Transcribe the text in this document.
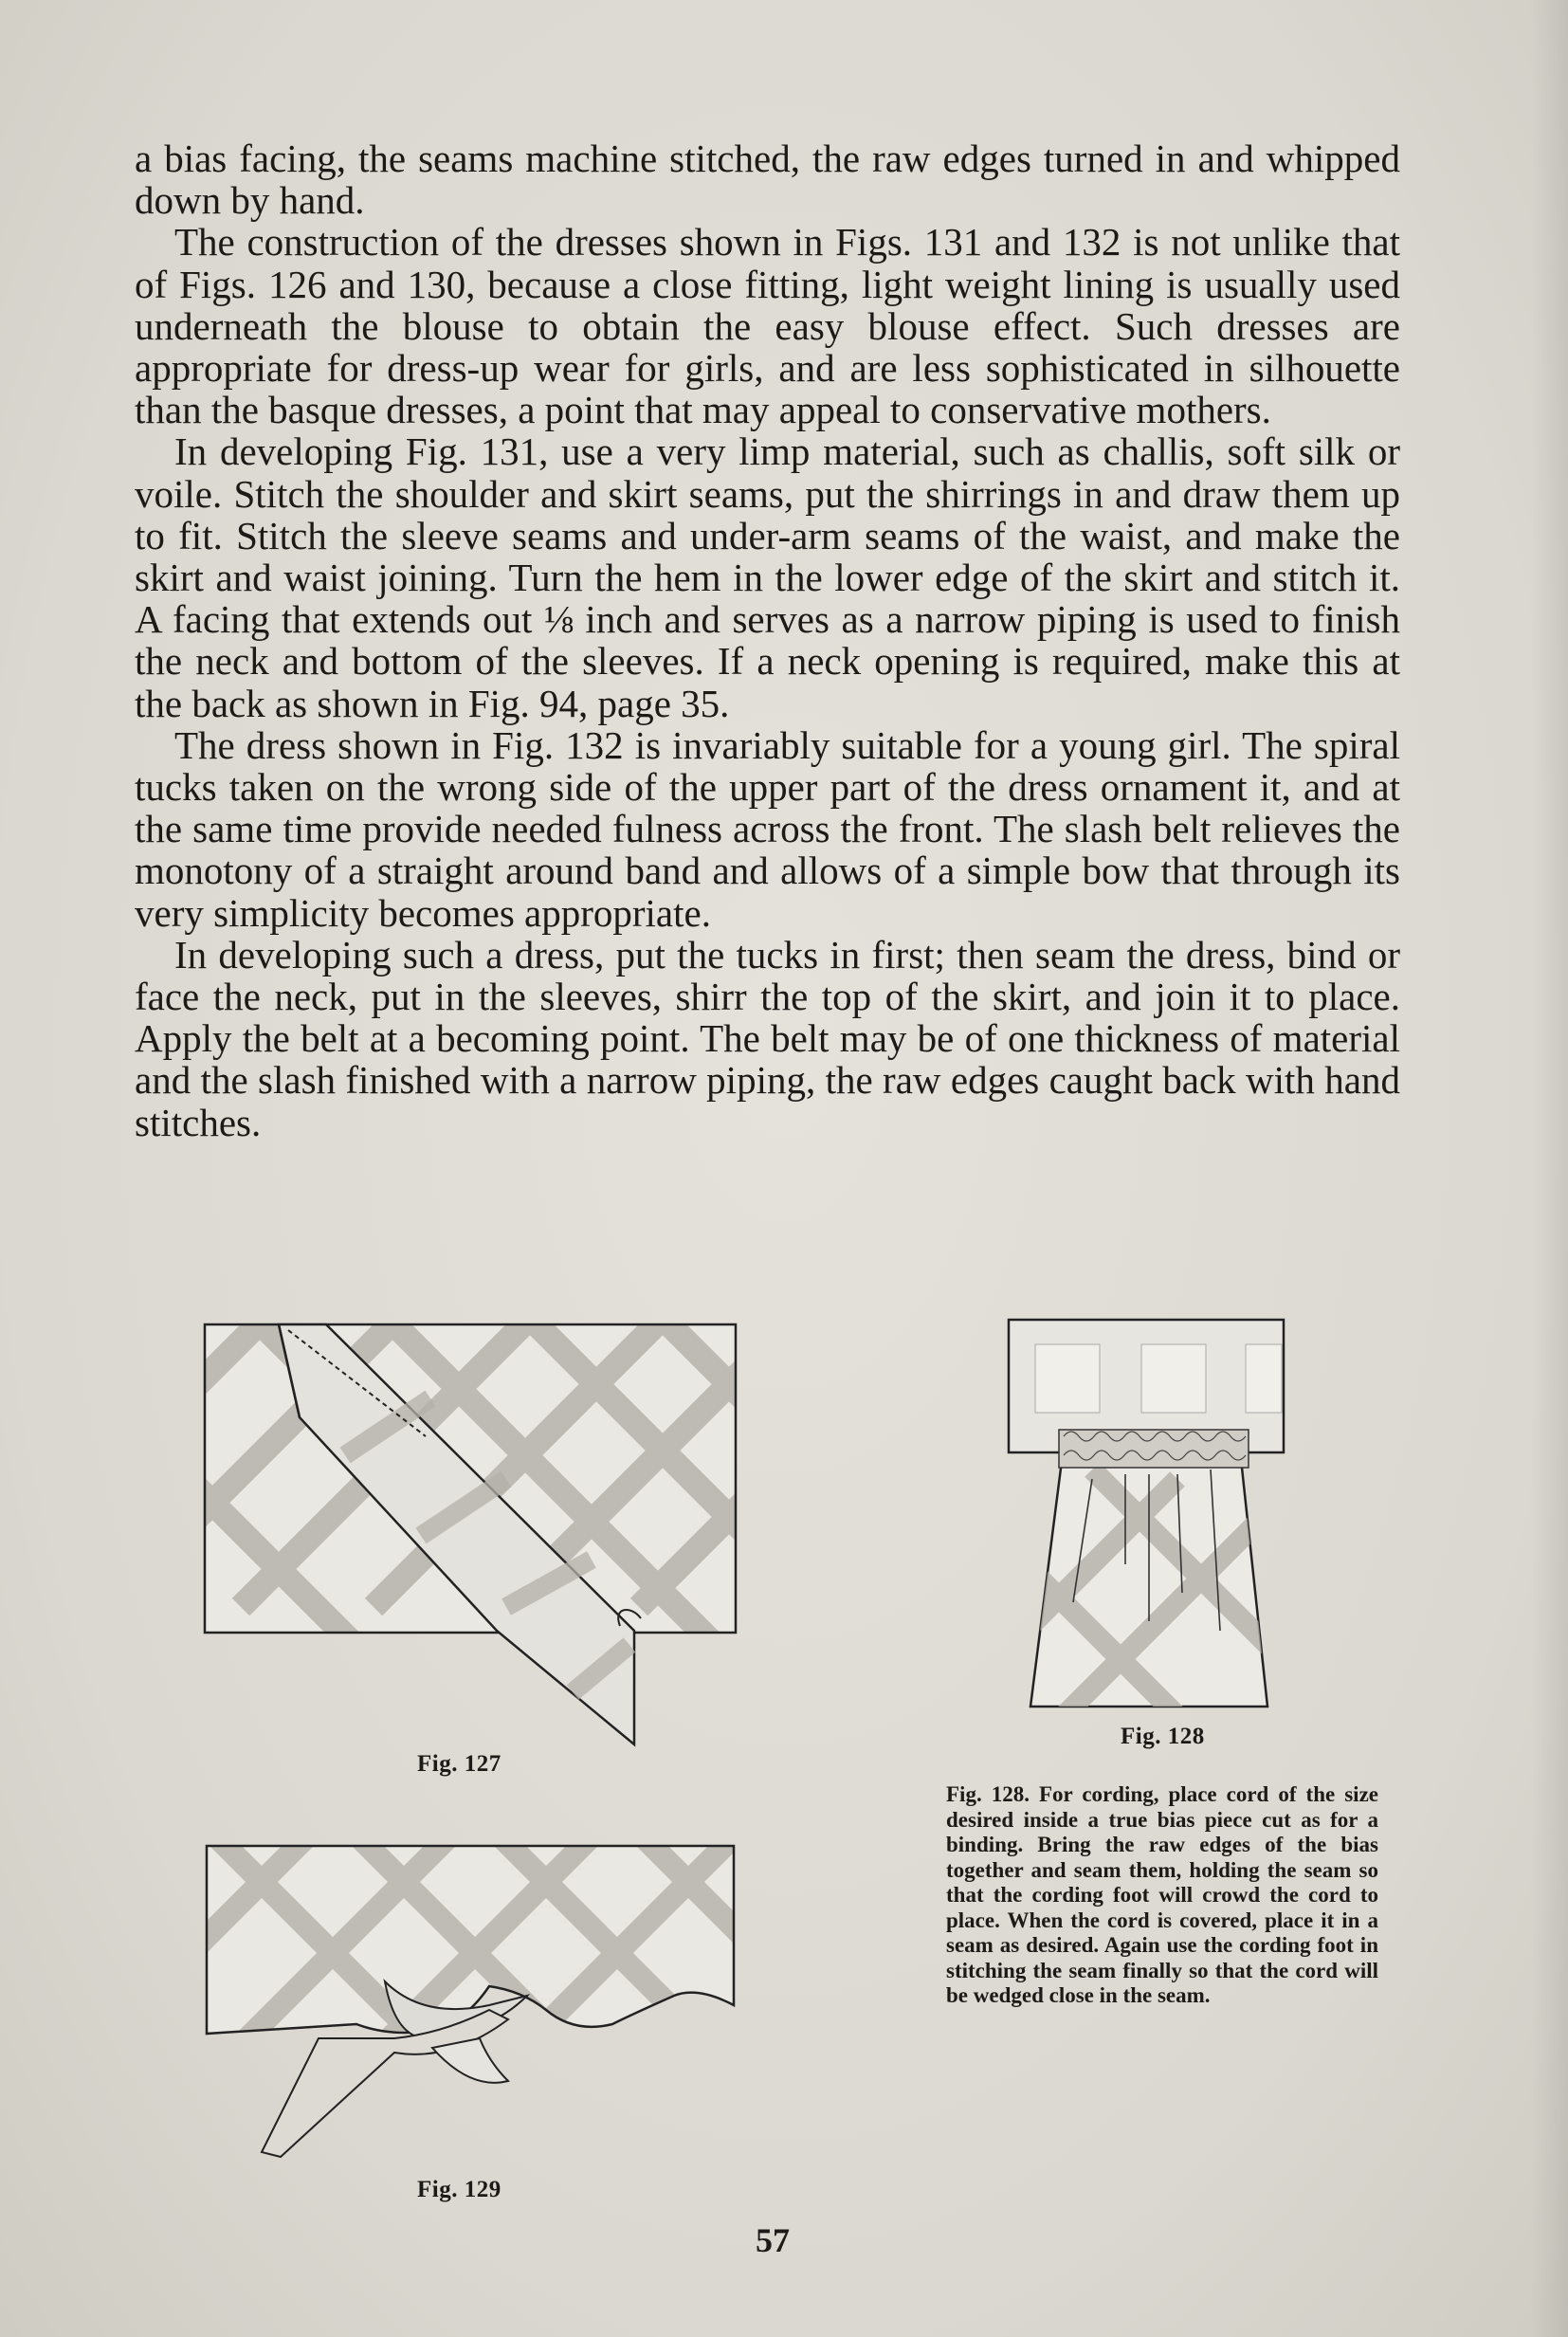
a bias facing, the seams machine stitched, the raw edges turned in and whipped down by hand.

The construction of the dresses shown in Figs. 131 and 132 is not unlike that of Figs. 126 and 130, because a close fitting, light weight lining is usually used underneath the blouse to obtain the easy blouse effect. Such dresses are appropriate for dress-up wear for girls, and are less sophisticated in silhouette than the basque dresses, a point that may appeal to conservative mothers.

In developing Fig. 131, use a very limp material, such as challis, soft silk or voile. Stitch the shoulder and skirt seams, put the shirrings in and draw them up to fit. Stitch the sleeve seams and under-arm seams of the waist, and make the skirt and waist joining. Turn the hem in the lower edge of the skirt and stitch it. A facing that extends out ⅛ inch and serves as a narrow piping is used to finish the neck and bottom of the sleeves. If a neck opening is required, make this at the back as shown in Fig. 94, page 35.

The dress shown in Fig. 132 is invariably suitable for a young girl. The spiral tucks taken on the wrong side of the upper part of the dress ornament it, and at the same time provide needed fulness across the front. The slash belt relieves the monotony of a straight around band and allows of a simple bow that through its very simplicity becomes appropriate.

In developing such a dress, put the tucks in first; then seam the dress, bind or face the neck, put in the sleeves, shirr the top of the skirt, and join it to place. Apply the belt at a becoming point. The belt may be of one thickness of material and the slash finished with a narrow piping, the raw edges caught back with hand stitches.

Fig. 127
Fig. 128
Fig. 128. For cording, place cord of the size desired inside a true bias piece cut as for a binding. Bring the raw edges of the bias together and seam them, holding the seam so that the cording foot will crowd the cord to place. When the cord is covered, place it in a seam as desired. Again use the cording foot in stitching the seam finally so that the cord will be wedged close in the seam.
Fig. 129
57
